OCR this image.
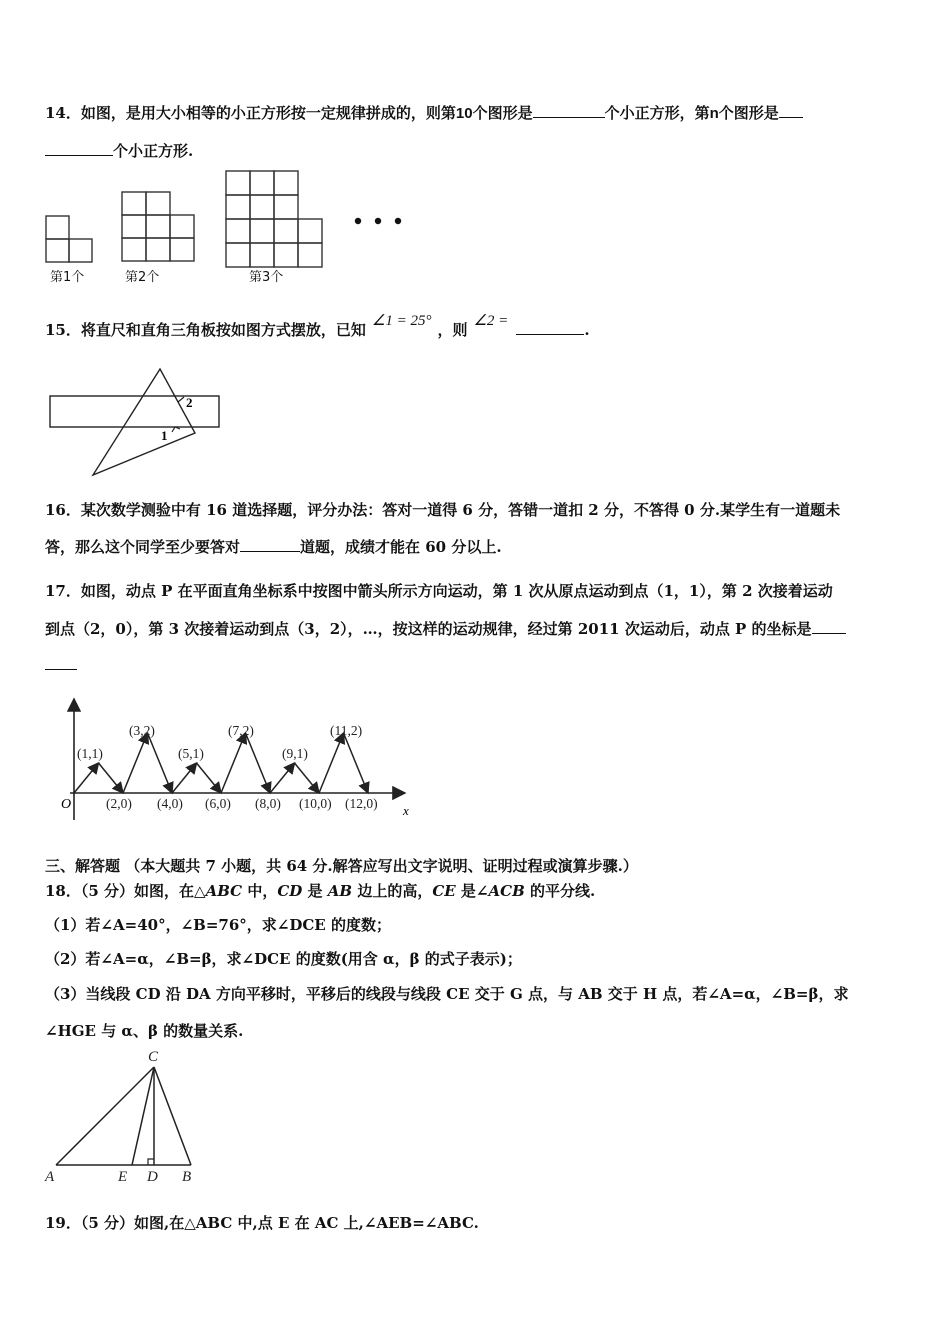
14．如图，是用大小相等的小正方形按一定规律拼成的，则第10个图形是	个小正方形，第n个图形是
个小正方形.
第1个	第2个	第3个
15．将直尺和直角三角板按如图方式摆放，已知 ∠1 = 25° ，则 ∠2 =	.
2
1
16．某次数学测验中有 16 道选择题，评分办法：答对一道得 6 分，答错一道扣 2 分，不答得 0 分.某学生有一道题未
答，那么这个同学至少要答对	道题，成绩才能在 60 分以上.
17．如图，动点 P 在平面直角坐标系中按图中箭头所示方向运动，第 1 次从原点运动到点（1，1），第 2 次接着运动
到点（2，0），第 3 次接着运动到点（3，2），…，按这样的运动规律，经过第 2011 次运动后，动点 P 的坐标是
O	x
(1,1)
(3,2)
(5,1)
(7,2)
(9,1)
(11,2)
(2,0) (4,0) (6,0) (8,0) (10,0) (12,0)
三、解答题 （本大题共 7 小题，共 64 分.解答应写出文字说明、证明过程或演算步骤.）
18．（5 分）如图，在△ABC 中，CD 是 AB 边上的高，CE 是∠ACB 的平分线.
（1）若∠A=40°，∠B=76°，求∠DCE 的度数；
（2）若∠A=α，∠B=β，求∠DCE 的度数(用含 α，β 的式子表示)；
（3）当线段 CD 沿 DA 方向平移时，平移后的线段与线段 CE 交于 G 点，与 AB 交于 H 点，若∠A=α，∠B=β，求
∠HGE 与 α、β 的数量关系.
C
A	E D B
19．（5 分）如图,在△ABC 中,点 E 在 AC 上,∠AEB=∠ABC.
